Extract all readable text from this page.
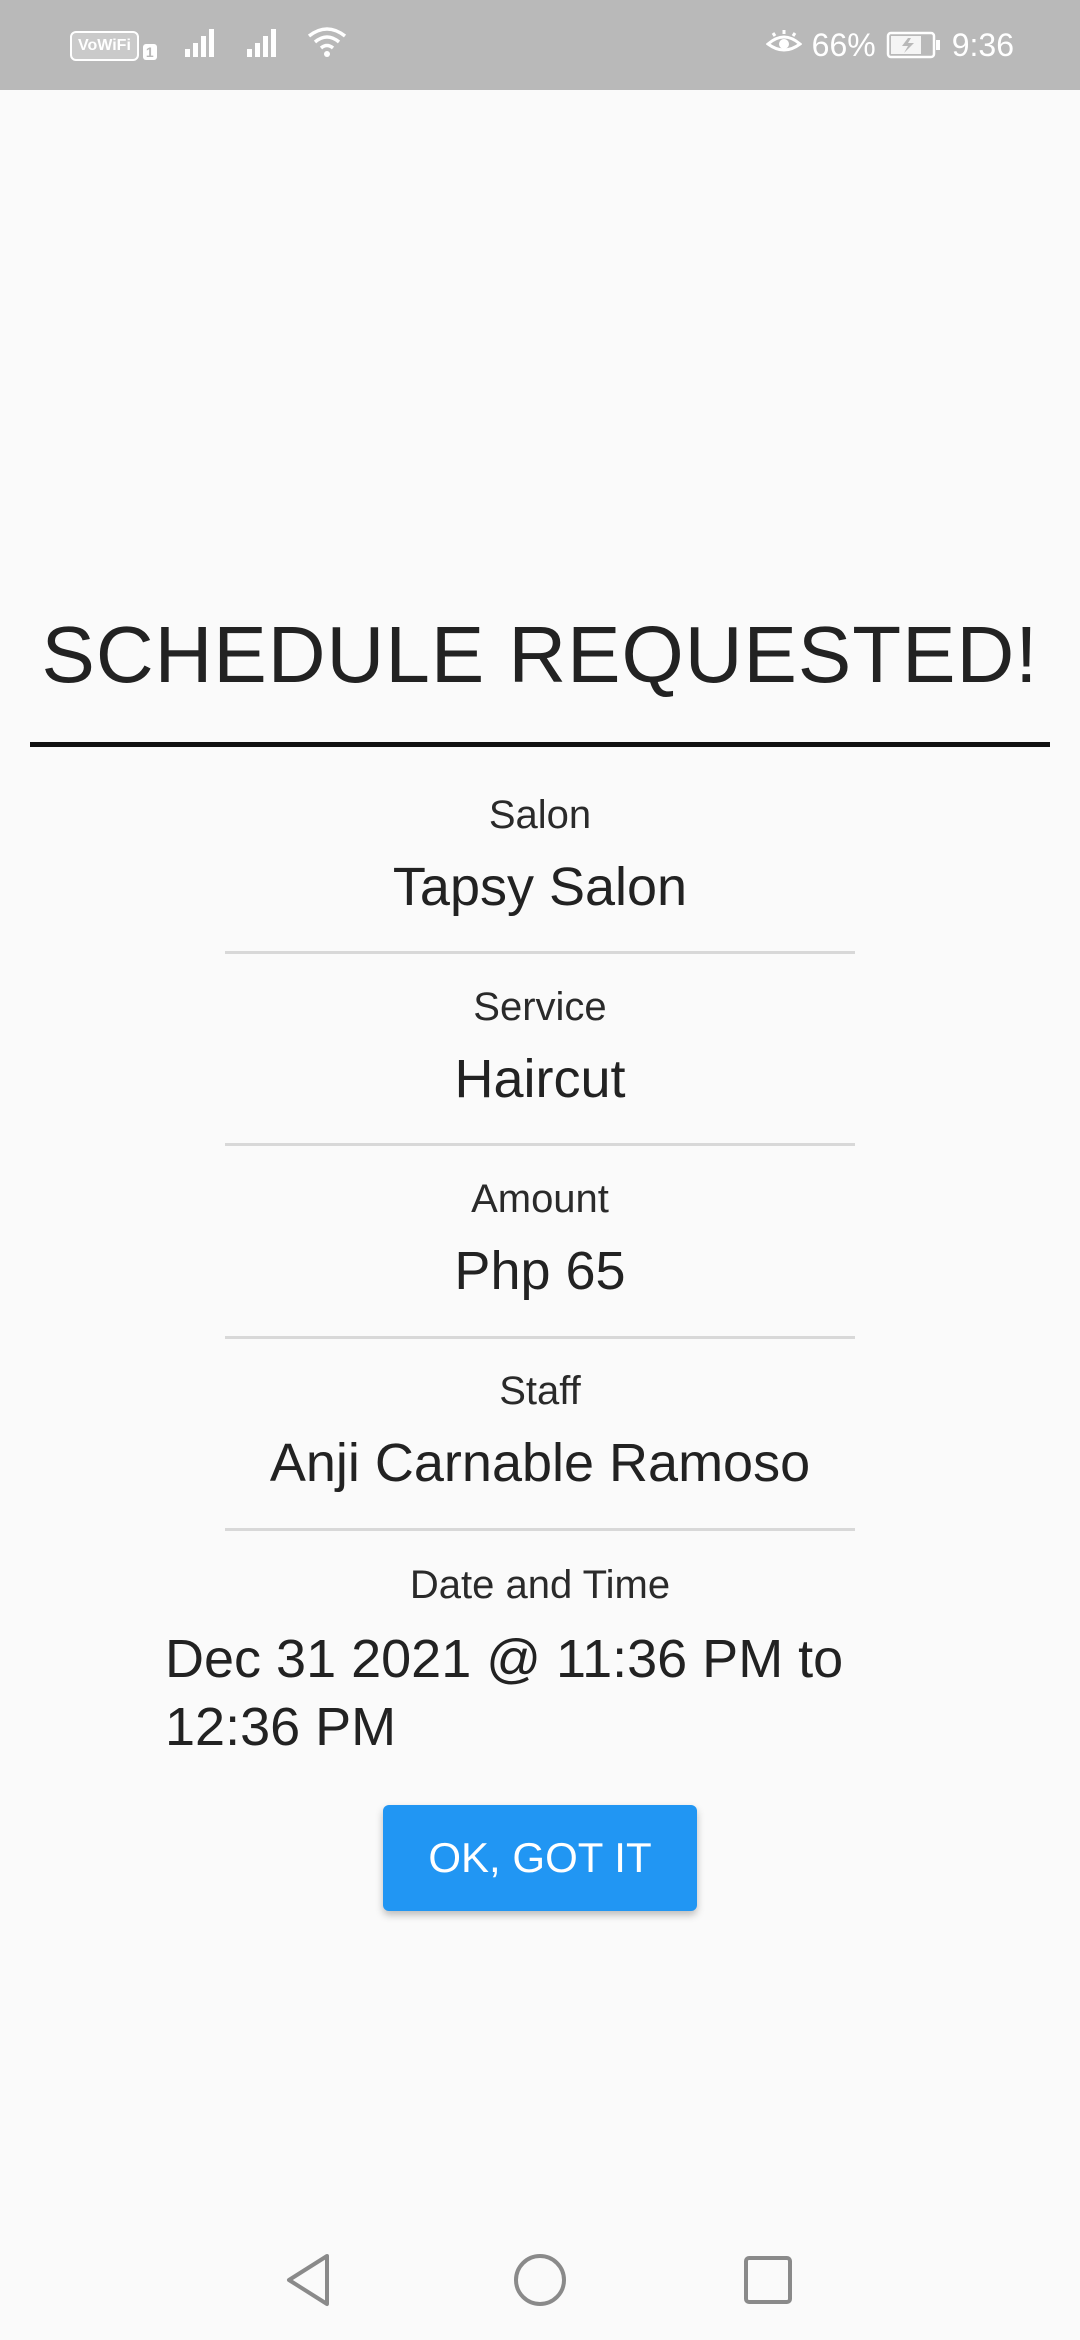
VoWiFi	1	66% 9:36
SCHEDULE REQUESTED!
Salon
Tapsy Salon
Service
Haircut
Amount
Php 65
Staff
Anji Carnable Ramoso
Date and Time
Dec 31 2021 @ 11:36 PM to 12:36 PM
OK, GOT IT
